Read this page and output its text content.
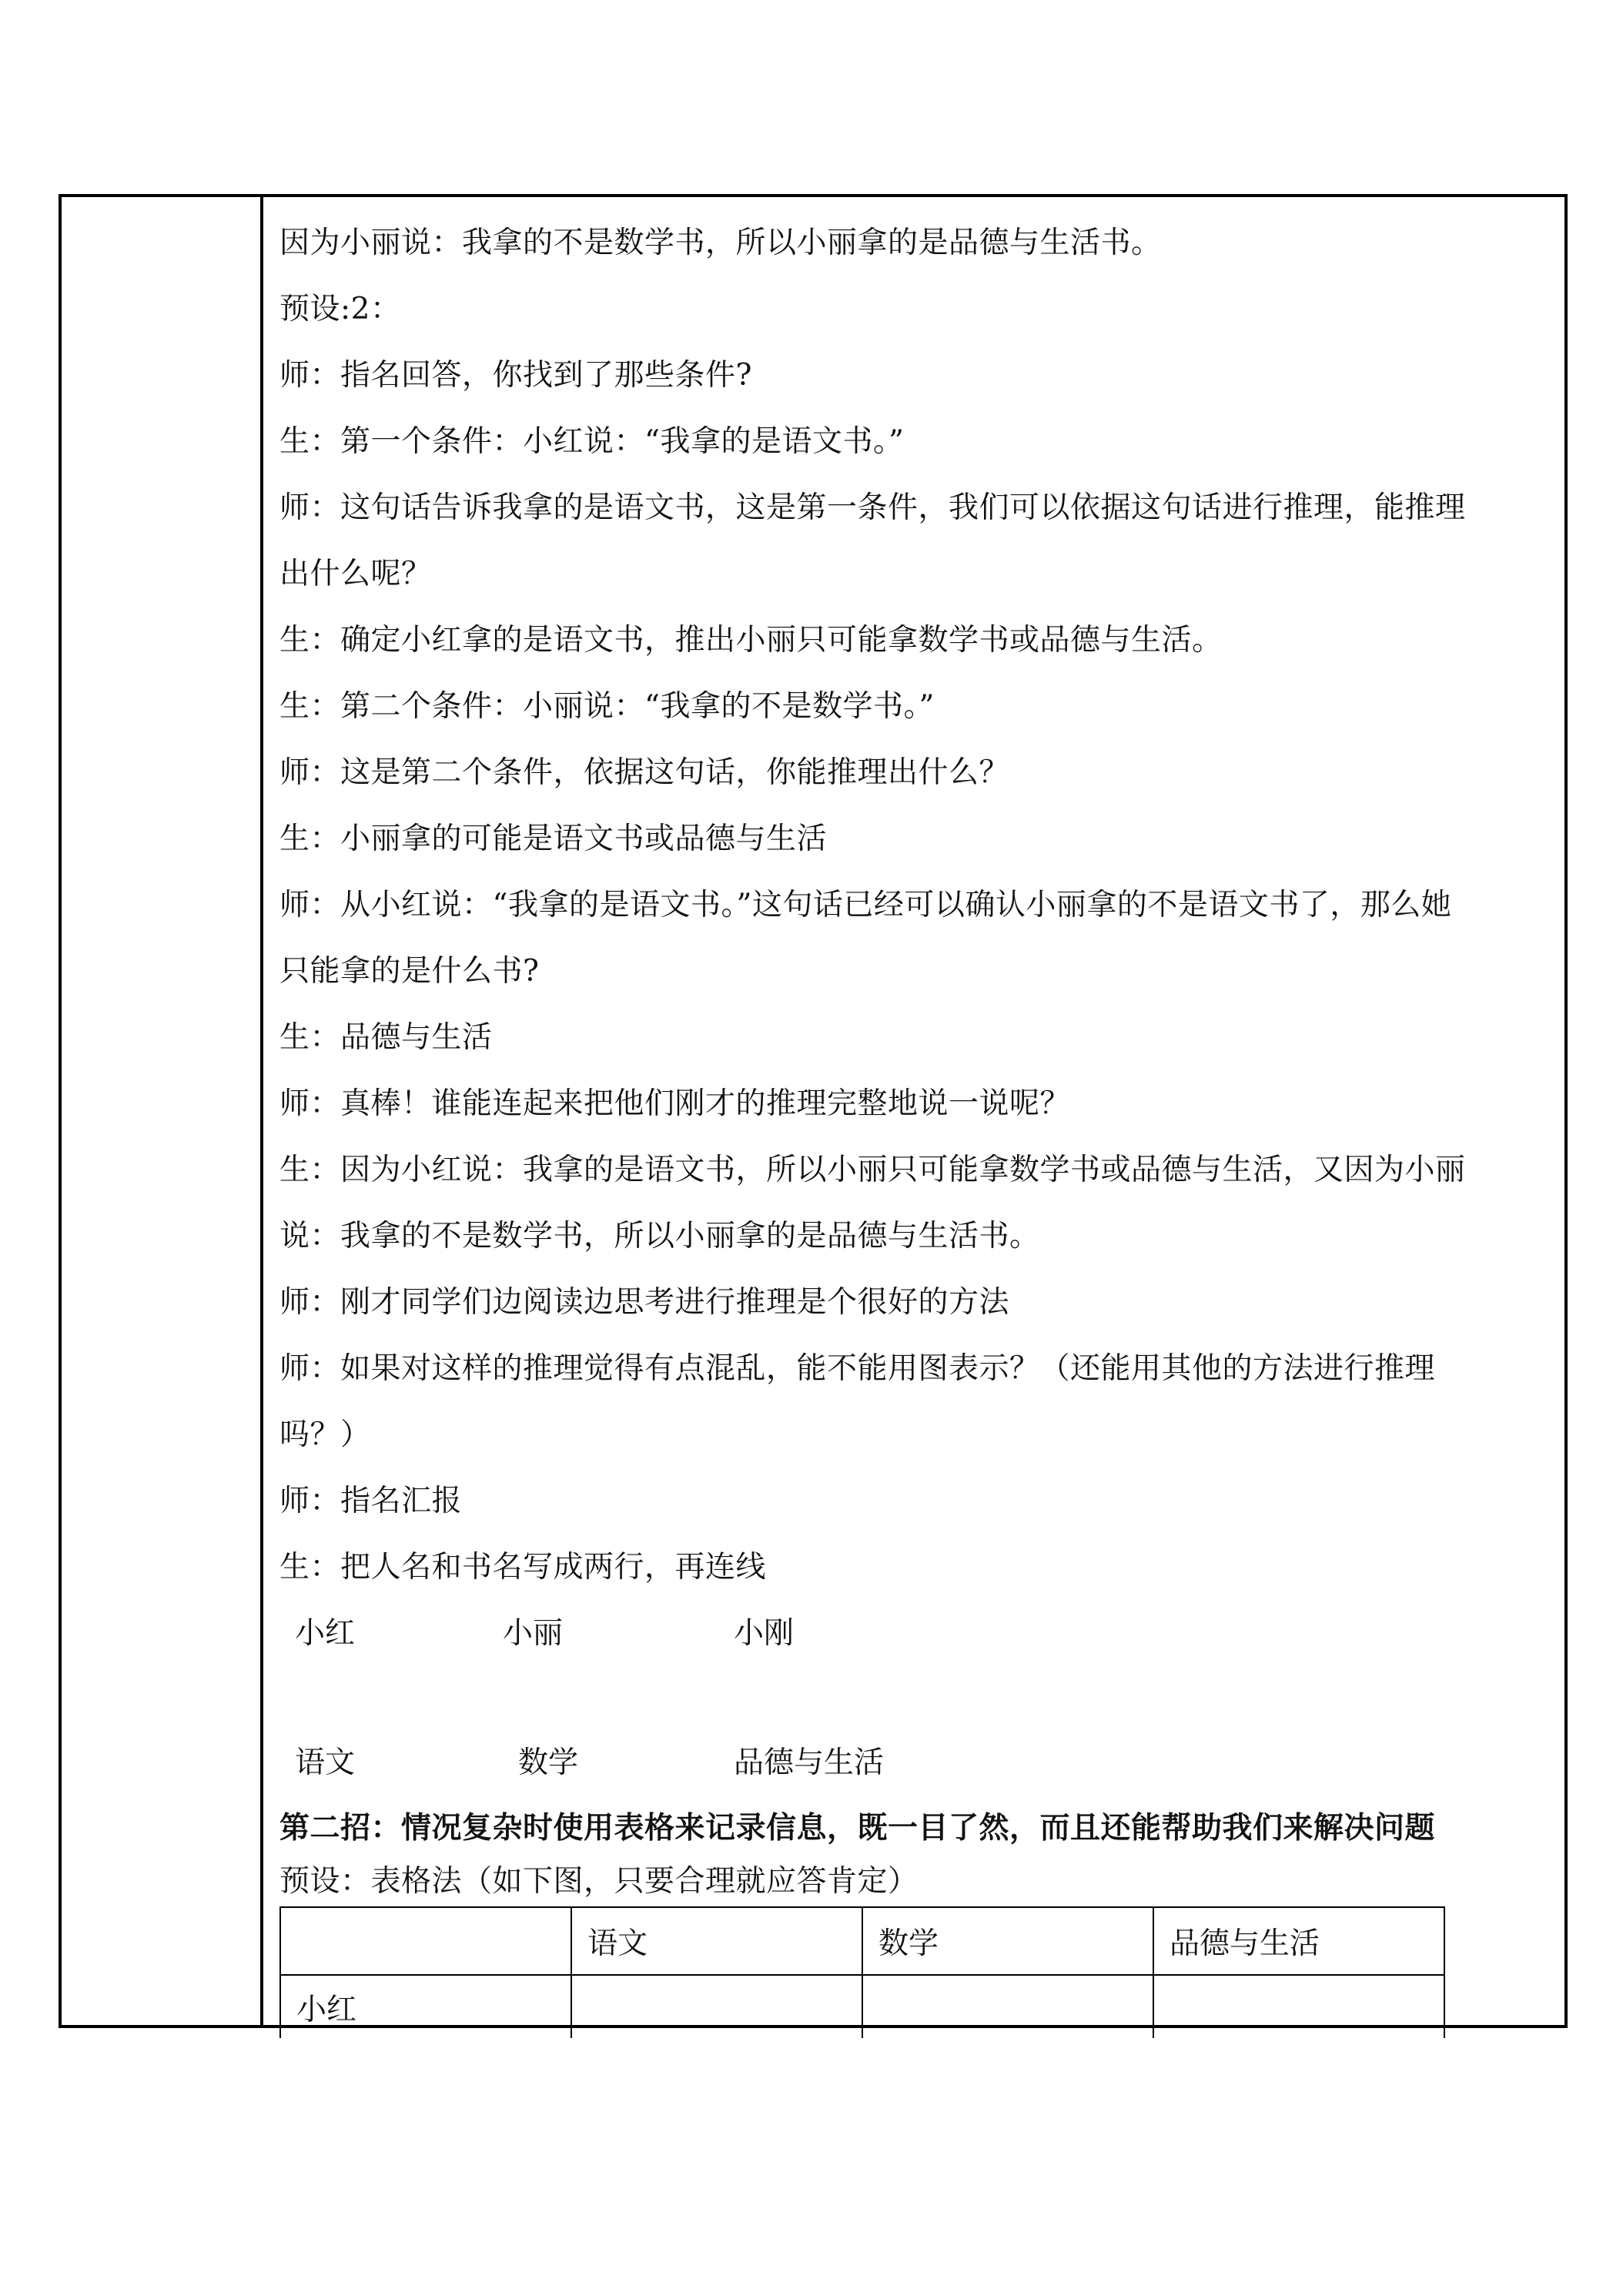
因为小丽说：我拿的不是数学书，所以小丽拿的是品德与生活书。
预设:2：
师：指名回答，你找到了那些条件?
生：第一个条件：小红说：“我拿的是语文书。”
师：这句话告诉我拿的是语文书，这是第一条件，我们可以依据这句话进行推理，能推理
出什么呢？
生：确定小红拿的是语文书，推出小丽只可能拿数学书或品德与生活。
生：第二个条件：小丽说：“我拿的不是数学书。”
师：这是第二个条件，依据这句话，你能推理出什么？
生：小丽拿的可能是语文书或品德与生活
师：从小红说：“我拿的是语文书。”这句话已经可以确认小丽拿的不是语文书了，那么她
只能拿的是什么书?
生：品德与生活
师：真棒！谁能连起来把他们刚才的推理完整地说一说呢？
生：因为小红说：我拿的是语文书，所以小丽只可能拿数学书或品德与生活，又因为小丽
说：我拿的不是数学书，所以小丽拿的是品德与生活书。
师：刚才同学们边阅读边思考进行推理是个很好的方法
师：如果对这样的推理觉得有点混乱，能不能用图表示？（还能用其他的方法进行推理
吗？）
师：指名汇报
生：把人名和书名写成两行，再连线
小红	小丽	小刚
语文	数学	品德与生活
第二招：情况复杂时使用表格来记录信息，既一目了然，而且还能帮助我们来解决问题
预设：表格法（如下图，只要合理就应答肯定）
	语文	数学	品德与生活
小红			
